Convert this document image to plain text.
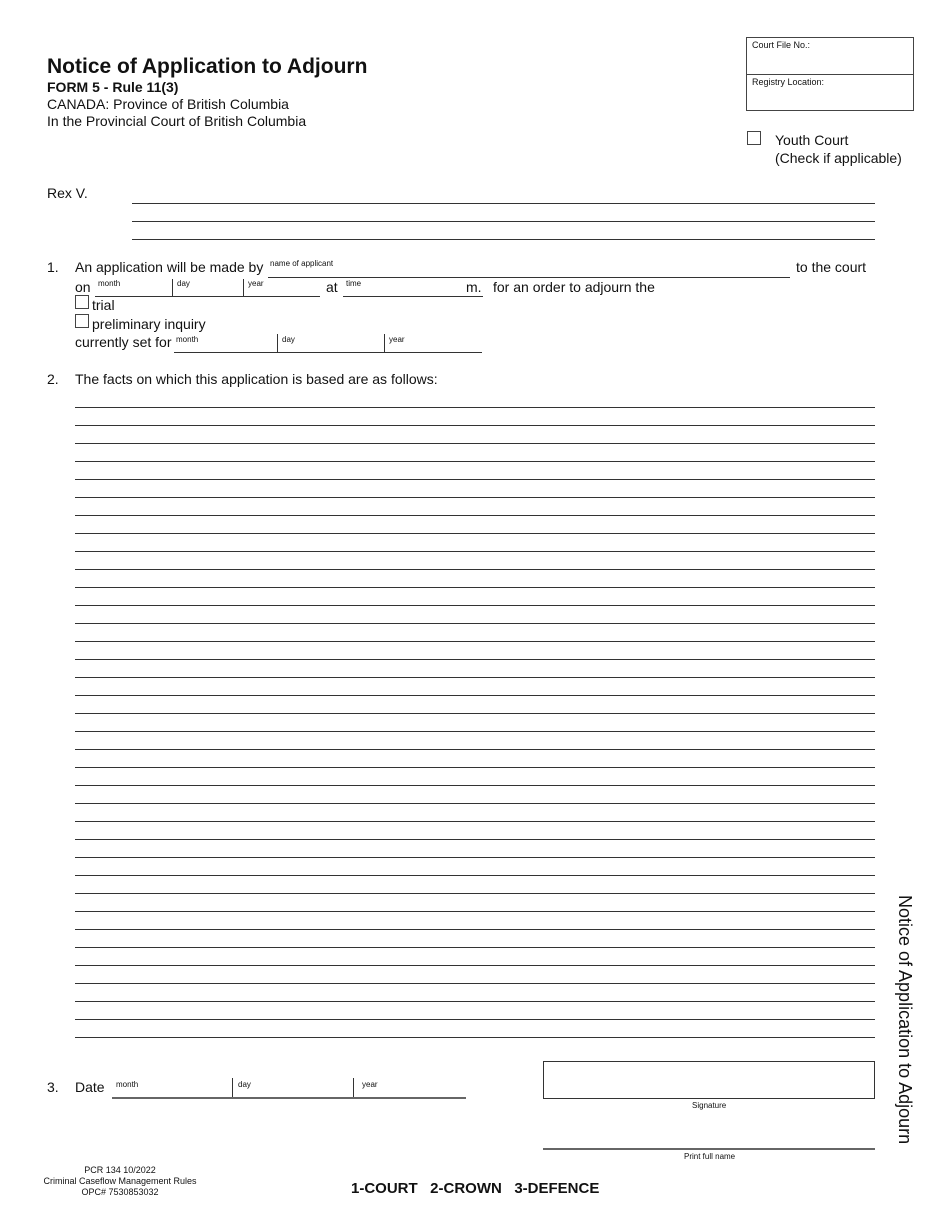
Notice of Application to Adjourn
FORM 5 - Rule 11(3)
CANADA: Province of British Columbia
In the Provincial Court of British Columbia
Court File No.:
Registry Location:
Youth Court
(Check if applicable)
Rex V.
1. An application will be made by name of applicant	to the court
on month	day	year	at time	m. for an order to adjourn the
trial
preliminary inquiry
currently set for month	day	year
2. The facts on which this application is based are as follows:
3. Date month	day	year
Signature
Print full name
PCR 134 10/2022
Criminal Caseflow Management Rules
OPC# 7530853032	1-COURT   2-CROWN   3-DEFENCE
Notice of Application to Adjourn
